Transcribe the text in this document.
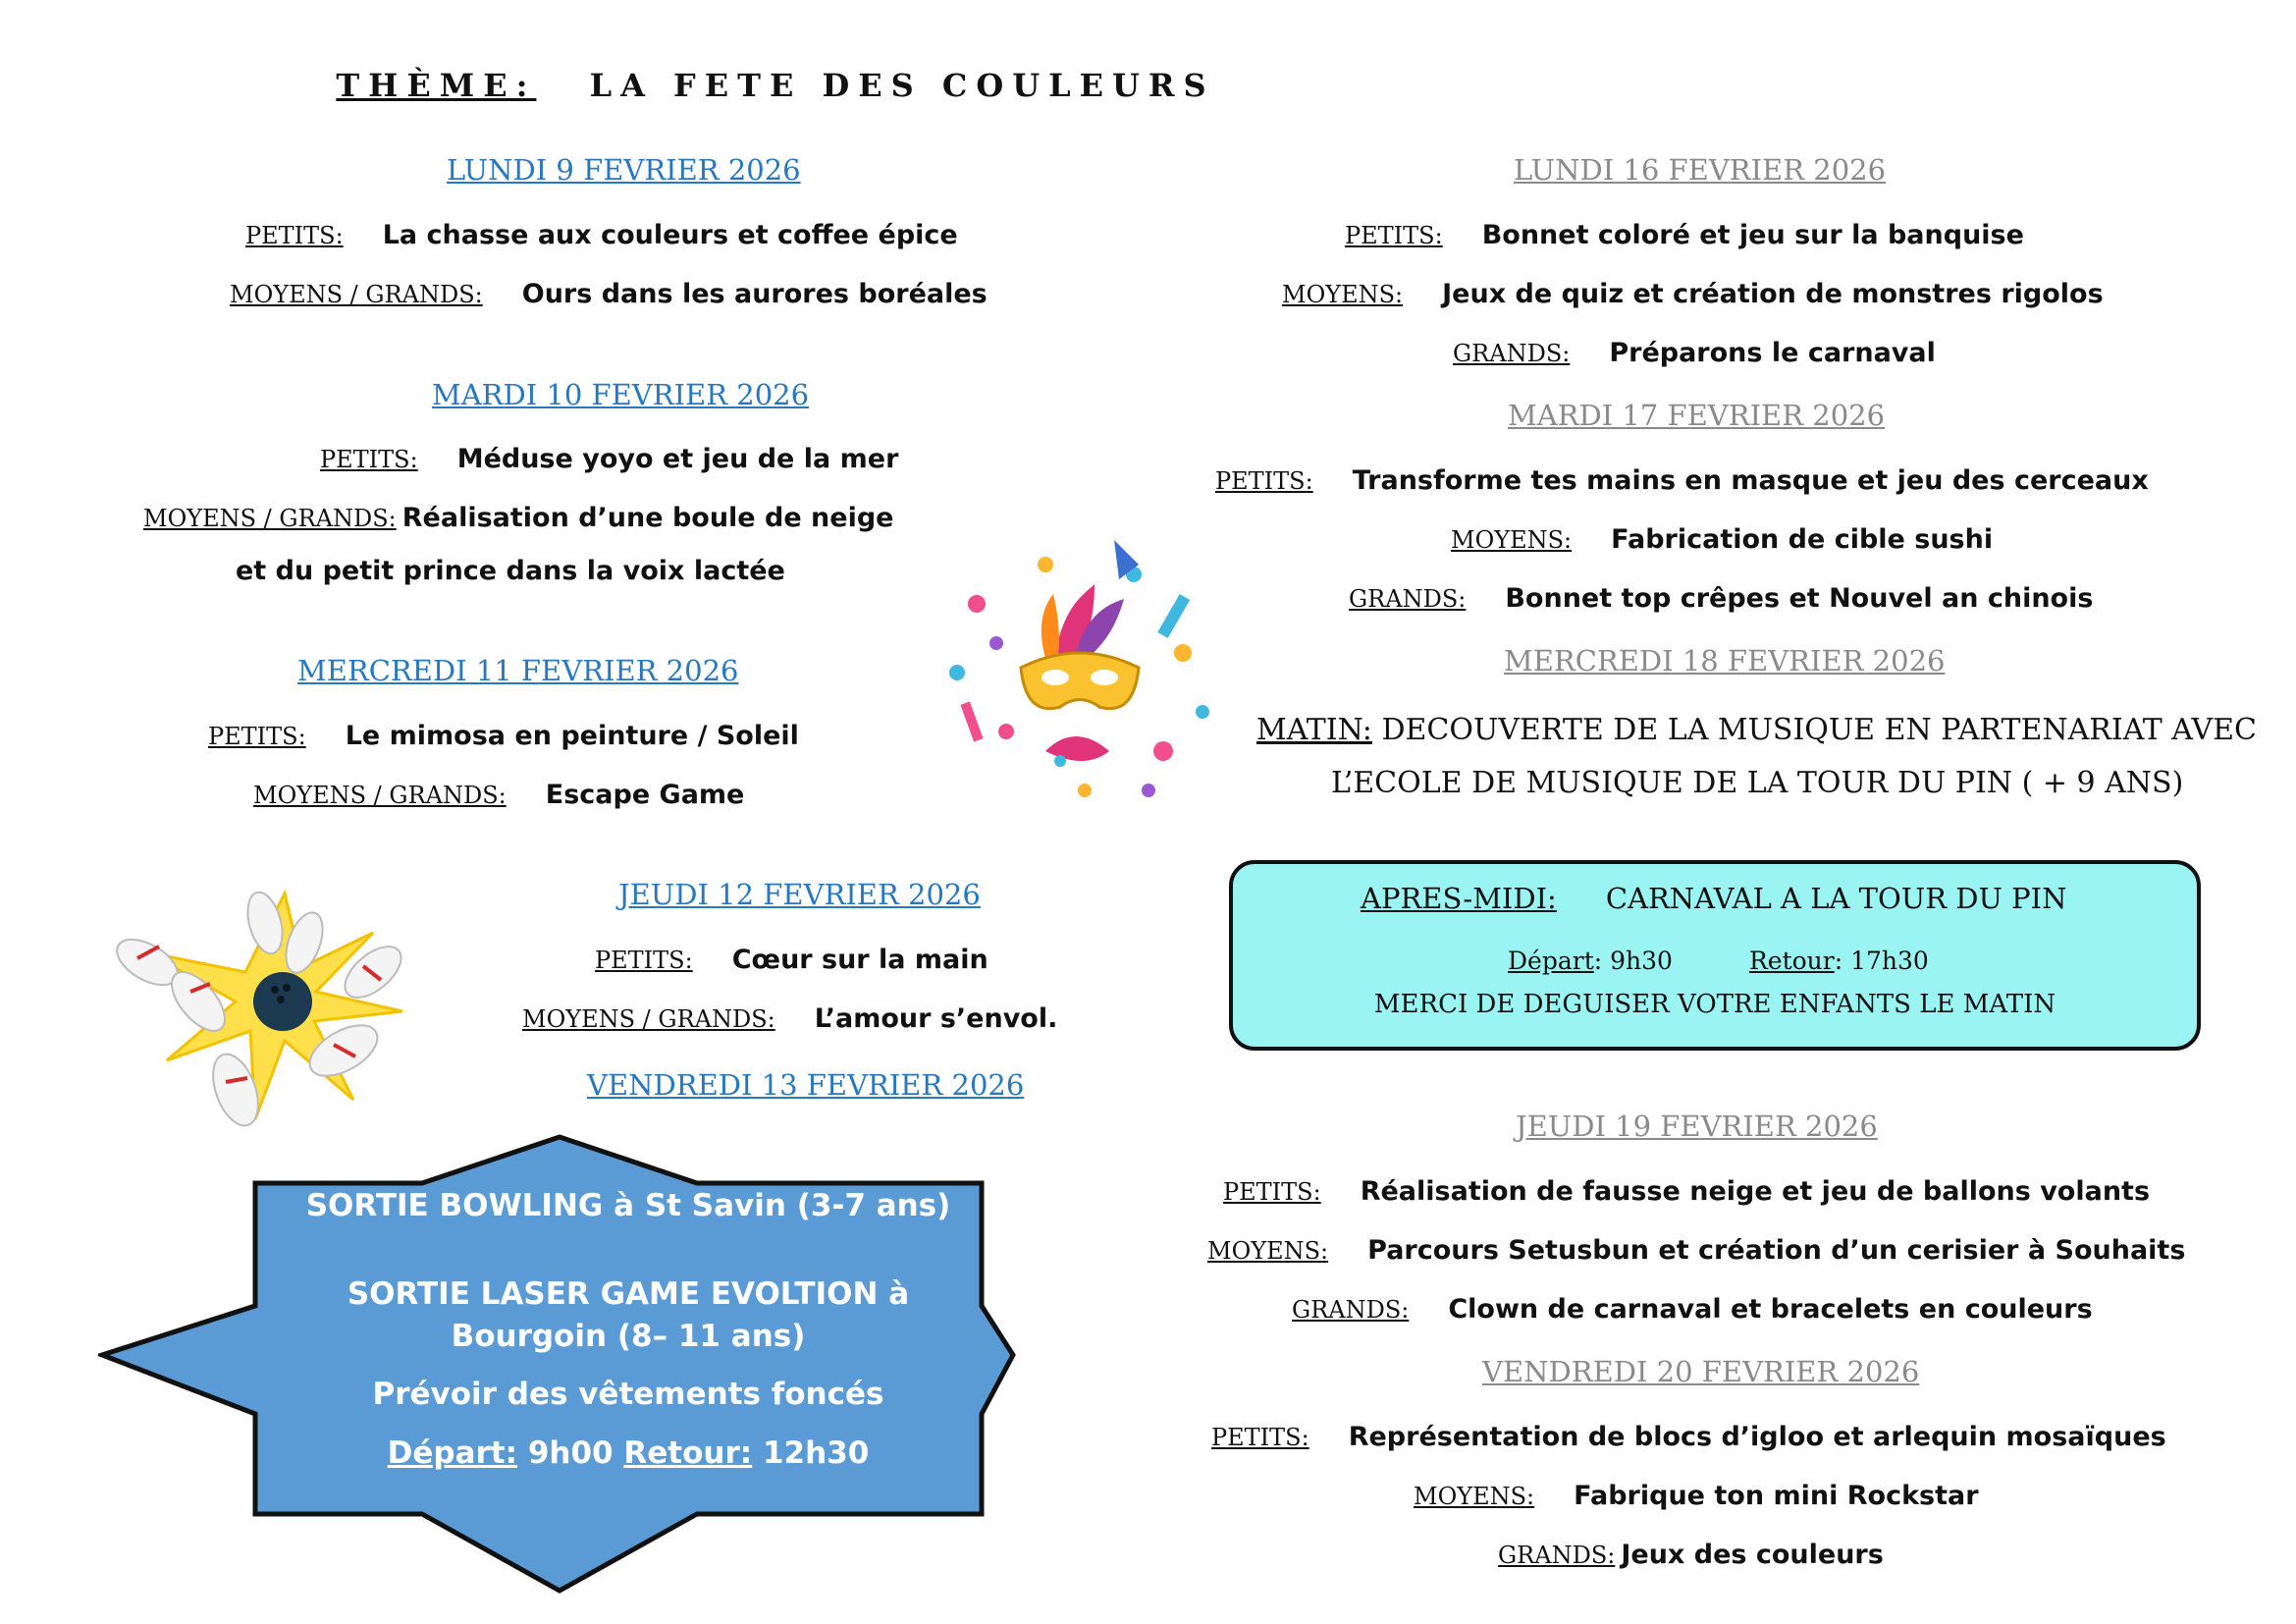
THÈME: LA FETE DES COULEURS
LUNDI 9 FEVRIER 2026
PETITS: La chasse aux couleurs et coffee épice
MOYENS / GRANDS: Ours dans les aurores boréales
MARDI 10 FEVRIER 2026
PETITS: Méduse yoyo et jeu de la mer
MOYENS / GRANDS: Réalisation d’une boule de neige
et du petit prince dans la voix lactée
MERCREDI 11 FEVRIER 2026
PETITS: Le mimosa en peinture / Soleil
MOYENS / GRANDS: Escape Game
JEUDI 12 FEVRIER 2026
PETITS: Cœur sur la main
MOYENS / GRANDS: L’amour s’envol.
VENDREDI 13 FEVRIER 2026
SORTIE BOWLING à St Savin (3-7 ans)
SORTIE LASER GAME EVOLTION à
Bourgoin (8– 11 ans)
Prévoir des vêtements foncés
Départ: 9h00 Retour: 12h30
LUNDI 16 FEVRIER 2026
PETITS: Bonnet coloré et jeu sur la banquise
MOYENS: Jeux de quiz et création de monstres rigolos
GRANDS: Préparons le carnaval
MARDI 17 FEVRIER 2026
PETITS: Transforme tes mains en masque et jeu des cerceaux
MOYENS: Fabrication de cible sushi
GRANDS: Bonnet top crêpes et Nouvel an chinois
MERCREDI 18 FEVRIER 2026
MATIN: DECOUVERTE DE LA MUSIQUE EN PARTENARIAT AVEC
L’ECOLE DE MUSIQUE DE LA TOUR DU PIN ( + 9 ANS)
APRES-MIDI: CARNAVAL A LA TOUR DU PIN
Départ: 9h30	Retour: 17h30
MERCI DE DEGUISER VOTRE ENFANTS LE MATIN
JEUDI 19 FEVRIER 2026
PETITS: Réalisation de fausse neige et jeu de ballons volants
MOYENS: Parcours Setusbun et création d’un cerisier à Souhaits
GRANDS: Clown de carnaval et bracelets en couleurs
VENDREDI 20 FEVRIER 2026
PETITS: Représentation de blocs d’igloo et arlequin mosaïques
MOYENS: Fabrique ton mini Rockstar
GRANDS: Jeux des couleurs
